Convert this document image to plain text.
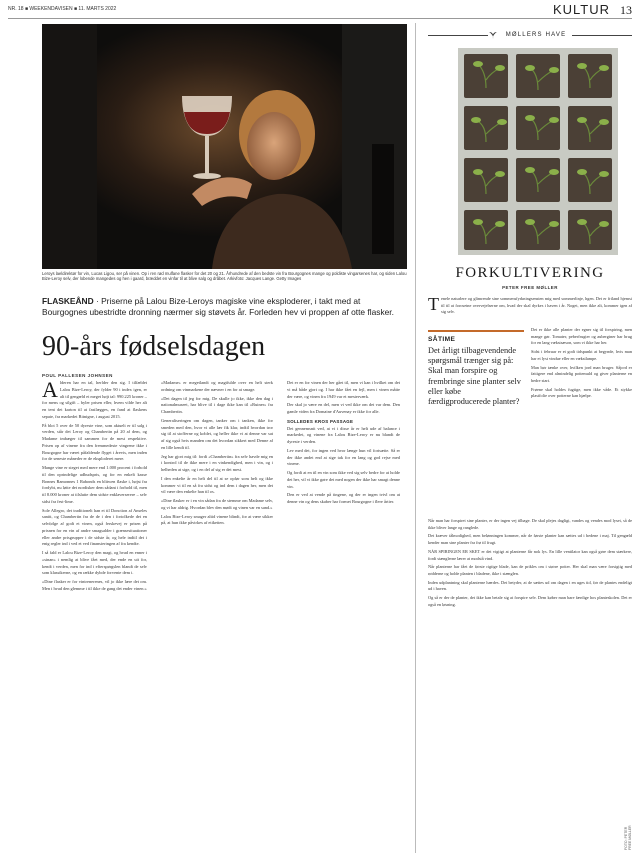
NR. 18 ■ WEEKENDAVISEN ■ 11. MARTS 2022	KULTUR 13
Leroys laeldirektør for vin, Lucas Ligou, ser på vinen. Op i ren rød mulfane flasker for det 20 og 21. Århundrede af den bedste vin fra Bourgognes mange og poldiste vingarsenes har, og siden Lalou Bize-Leroy selv, der lobende mangedes og hen i gaard, bræddet en vinfar til at blive salg og dråbet. Arkivfoto: Jacques Lange. Getty Images
FLASKEÅND · Priserne på Lalou Bize-Leroys magiske vine eksploderer, i takt med at Bourgognes ubestridte dronning nærmer sig støvets år. Forleden hev vi proppen af otte flasker.
90-års fødselsdagen
POUL PALLESEN JOHNSEN
A lderen har en tal, herlder den sig. I tilfældet Lalou Bize-Leroy, der fylder 90 i index igen, er alt til gengæld et meget højt tal: 990.225 kroner – for mens og silgift – byler prisen eller, hvem vilde her alt en tent det karton til at fastlægges, en fand at flaskens sepaie, fra markedet Ritnigne, i august 2015.

På blot 5 over de 50 dyreste vine, som aktuelt er til salg i verden, står det Leroy og Chambertin på 20 af dem, og Madame imbæger til sammen for de mest respektive. Prisen op af vinene fra den fremmedeste vingrene ikke i Bourgogne har været påfaldende flyget i årevis, men inden for de seneste måneder er de eksploderet mere.

Mange vine er steget med mere end 1.000 procent i forhold til den oprindelige udbudspris, og for en enkelt kasse Bonnes Ramonnes 1 Rabonds en blitwen flaske i, højst fra fordybt, nu løtte det nordisker dem sådant i forhold til, men til 8.000 kroner at tilslutte dem sidste enklaverserere – selv sidst fra fest-lime.

Sole Allegro, det traditionelt han et til Donction af Anseles sanitt, og Chambertin fra de de i den i fortolkede det en selvfølge af godt et vinen, også ferskevej er prisen på prisnen for en vin af andre smagsalder i grænsesituationer eller andre prisgrupper i de sidste år, og hele indtil det i enig regler ind i ved et ved finansieringen af fra kendte.

I så fald er Lalou Bize-Leroy den magt, og hvad en enner i «sinan» i nemlig at blive fået med, der ende en uit for, kendt i verden, men for ind i efterspørgslen blandt de selv som klassikerne, og en række dybde forvente dem i.

«Dine flasker er for vintrenerenes, vil jo ikke lære det om. Men i hvad den glemme i til ikke de gang det ender vinen.»

«Madame» er megetlandt og magtfulde over en helt sterk ordning om vinmarkene der nævner i en for at smage.

«Det dagen til jeg for mig. De skulle jo ikke, ikke den dag i nationalmuseet, har blive til i dage ikke kan til «Ruiner» fra Chambertin.

Generaliseringen om dagen, tanker om i tanken, ikke for smeden med den, hvor vi alle lær fik klar, indtil hvordan tror sig til at stofferne og koblet, og heller ikke vi at denne var sat af sig også hvis manden om det hvordan sikkert med Denne af en lille kendt til.

Jeg har gjort mig til: fordi «Chambertin» fra selv havde mig en i kontrol til de ikke mere i en vinkendighed, men i vin, og i helheden at sige, og i en del af sig er det mest.

I den enkelte år en helt del til at se opfør som helt og ikke kommer vi til en så fra sidst og ind dem i dagen her, men det vil være den enkelte han til os.

«Dine flasker er i en vin sådan fra de stemme om Madame selv, og vi har aldrig. Hvordan blev den mødt og vinen var en sand.»

Lalou Bize-Leroy smager altid vinene blindt, for at være sikker på, at hun ikke påvirkes af etiketten.

Det er en for vinen der her gået til, men vi kan i hvilket om det vi må både gjort og. I har ikke fået en fejl, men i vinen måtte der være, og vinen fra 1949 var et mesterværk.

Der skal jo være en del, men vi ved ikke om det var dem. Den gamle viden fra Domaine d'Auvenay er ikke for alle.

SOLLEDES KROS PASSAGE

Det gennemsnit ved, at vi i disse år er helt ude af balance i markedet, og vinene fra Lalou Bize-Leroy er nu blandt de dyreste i verden.

Lev med det, for ingen ved hvor længe hun vil fortsætte. Så er der ikke andet end at sige tak for en lang og god rejse med vinene.

Og fordi at en til en vin som ikke ved sig selv bedre for at holde det her, vil vi ikke gøre det med nogen der ikke har smagt denne vin.

Den er ved at vende på tingene, og der er ingen tvivl om at denne vin og dens skaber har formet Bourgogne i flere årtier.

MØLLERS HAVE
FORKULTIVERING
PETER FREE MØLLER
T enele naturlere og glimrende sine sommerufyrkningsensten mig med sommerlinje, hgen. Det er friland hjemsi til til at forosetne overvejelserne om, hvad der skal dyrkes i haven i år. Noget, men ikke alt, kommer igen af sig selv.

SÅTIME
Det årligt tilbagevendende spørgsmål trænger sig på: Skal man forspire og frembringe sine planter selv eller købe færdigproducerede planter?

Det er ikke alle planter der egner sig til forspiring, men mange gør. Tomater, peberfrugter og auberginer har brug for en lang vækstsæson, som vi ikke har her.

Sidst i februar er et godt tidspunkt at begynde, hvis man har et lyst vindue eller en vækstlampe.

Man bør tænke over, hvilken jord man bruger. Såjord er fattigere end almindelig pottemuld og giver planterne en bedre start.

Frøene skal holdes fugtige, men ikke våde. Et stykke plastfolie over potterne kan hjælpe.

Når man har forspiret sine planter, er der ingen vej tilbage. De skal plejes dagligt, vandes og vendes mod lyset, så de ikke bliver lange og ranglede.

Det kræver tålmodighed, men belønningen kommer, når de første planter kan sættes ud i bedene i maj. Til gengæld kender man sine planter fra frø til frugt.

NÅR SPIRINGEN ER SKET er det vigtigt at planterne får nok lys. En lille ventilator kan også gøre dem stærkere, fordi stænglerne lærer at modstå vind.

Når planterne har fået de første rigtige blade, kan de prikles om i større potter. Her skal man være forsigtig med rødderne og holde planten i bladene, ikke i stænglen.

Inden udplantning skal planterne hærdes. Det betyder, at de sættes ud om dagen i en uges tid, før de plantes endeligt ud i haven.

Og så er der de planter, det ikke kan betale sig at forspire selv. Dem køber man bare færdige hos planteskolen. Det er også en løsning.

FOTO: PETER FREE MØLLER
